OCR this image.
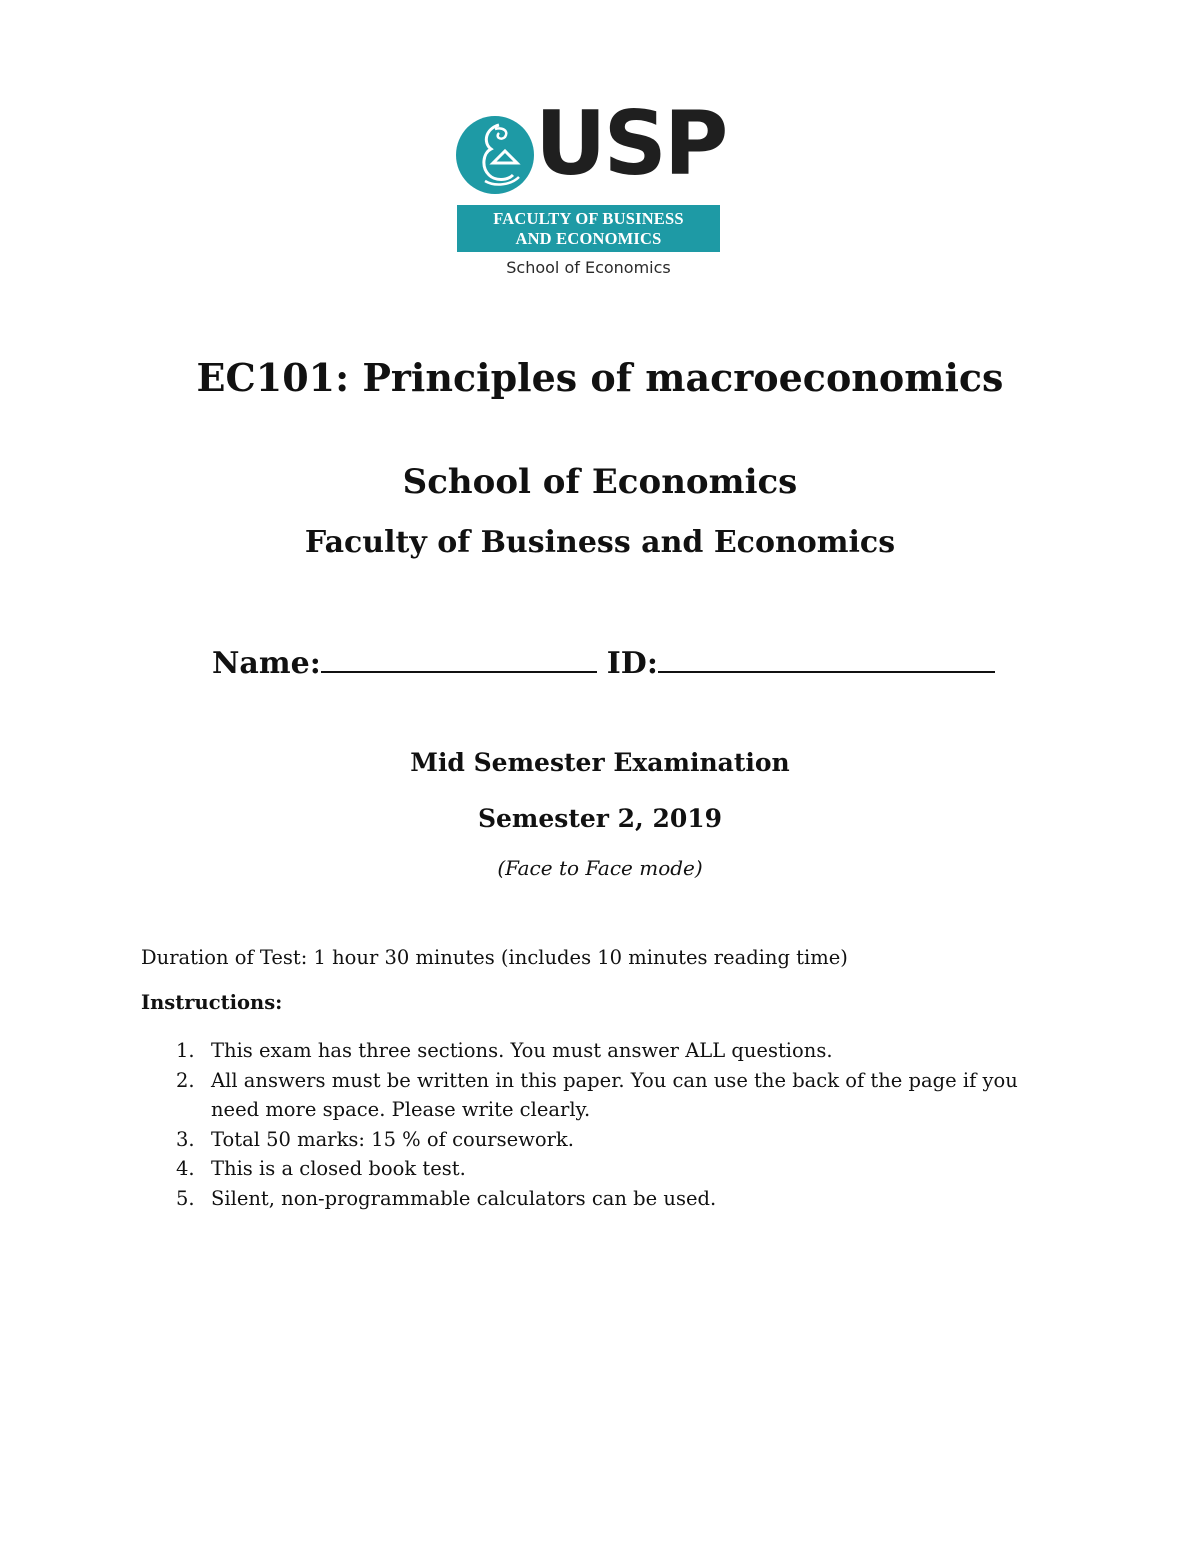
USP
FACULTY OF BUSINESS
AND ECONOMICS
School of Economics
EC101: Principles of macroeconomics
School of Economics
Faculty of Business and Economics
Name:	ID:
Mid Semester Examination
Semester 2, 2019
(Face to Face mode)
Duration of Test: 1 hour 30 minutes (includes 10 minutes reading time)
Instructions:
1. This exam has three sections. You must answer ALL questions.
2. All answers must be written in this paper. You can use the back of the page if you need more space. Please write clearly.
3. Total 50 marks: 15 % of coursework.
4. This is a closed book test.
5. Silent, non-programmable calculators can be used.
